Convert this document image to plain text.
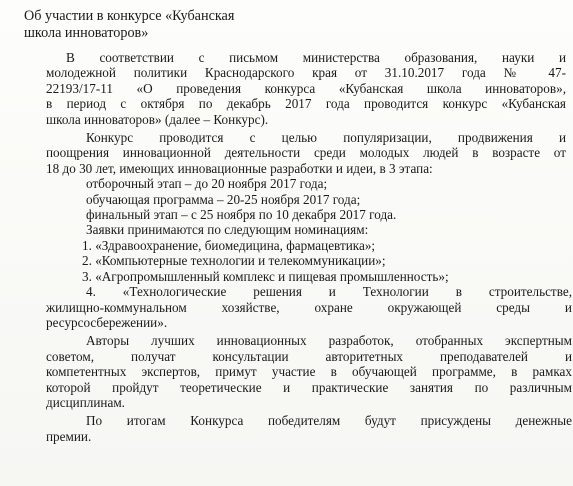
Об участии в конкурсе «Кубанская
школа инноваторов»
В соответствии с письмом министерства образования, науки и
молодежной политики Краснодарского края от 31.10.2017 года № 47-
22193/17-11 «О проведения конкурса «Кубанская школа инноваторов»,
в период с октября по декабрь 2017 года проводится конкурс «Кубанская
школа инноваторов» (далее – Конкурс).
Конкурс проводится с целью популяризации, продвижения и
поощрения инновационной деятельности среди молодых людей в возрасте от
18 до 30 лет, имеющих инновационные разработки и идеи, в 3 этапа:
отборочный этап – до 20 ноября 2017 года;
обучающая программа – 20-25 ноября 2017 года;
финальный этап – с 25 ноября по 10 декабря 2017 года.
Заявки принимаются по следующим номинациям:
1. «Здравоохранение, биомедицина, фармацевтика»;
2. «Компьютерные технологии и телекоммуникации»;
3. «Агропромышленный комплекс и пищевая промышленность»;
4. «Технологические решения и Технологии в строительстве,
жилищно-коммунальном хозяйстве, охране окружающей среды и
ресурсосбережении».
Авторы лучших инновационных разработок, отобранных экспертным
советом, получат консультации авторитетных преподавателей и
компетентных экспертов, примут участие в обучающей программе, в рамках
которой пройдут теоретические и практические занятия по различным
дисциплинам.
По итогам Конкурса победителям будут присуждены денежные
премии.
